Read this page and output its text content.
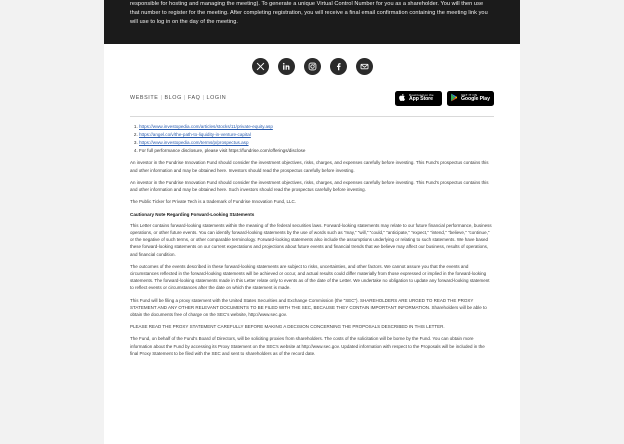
responsible for hosting and managing the meeting). To generate a unique Virtual Control Number for you as a shareholder. You will then use that number to register for the meeting. After completing registration, you will receive a final email confirmation containing the meeting link you will use to log in on the day of the meeting.

WEBSITE | BLOG | FAQ | LOGIN
Download on the
App Store
GET IT ON
Google Play
1. https://www.investopedia.com/articles/stocks/11/private-equity.asp
2. https://angel.co/v/the-path-to-liquidity-in-venture-capital
3. https://www.investopedia.com/terms/p/prospectus.asp
4. For full performance disclosure, please visit https://fundrise.com/offerings/disclose

An investor in the Fundrise Innovation Fund should consider the investment objectives, risks, charges, and expenses carefully before investing. This Fund's prospectus contains this and other information and may be obtained here. Investors should read the prospectus carefully before investing.

An investor in the Fundrise Innovation Fund should consider the investment objectives, risks, charges, and expenses carefully before investing. This Fund's prospectus contains this and other information and may be obtained here. Such investors should read the prospectus carefully before investing.

The Public Ticker for Private Tech is a trademark of Fundrise Innovation Fund, LLC.

Cautionary Note Regarding Forward-Looking Statements

This Letter contains forward-looking statements within the meaning of the federal securities laws. Forward-looking statements may relate to our future financial performance, business operations, or other future events. You can identify forward-looking statements by the use of words such as "may," "will," "could," "anticipate," "expect," "intend," "believe," "continue," or the negative of such terms, or other comparable terminology. Forward-looking statements also include the assumptions underlying or relating to such statements. We have based these forward-looking statements on our current expectations and projections about future events and financial trends that we believe may affect our business, results of operations, and financial condition.

The outcomes of the events described in these forward-looking statements are subject to risks, uncertainties, and other factors. We cannot assure you that the events and circumstances reflected in the forward-looking statements will be achieved or occur, and actual results could differ materially from those expressed or implied in the forward-looking statements. The forward-looking statements made in this Letter relate only to events as of the date of the Letter. We undertake no obligation to update any forward-looking statement to reflect events or circumstances after the date on which the statement is made.

This Fund will be filing a proxy statement with the United States Securities and Exchange Commission (the "SEC"). SHAREHOLDERS ARE URGED TO READ THE PROXY STATEMENT AND ANY OTHER RELEVANT DOCUMENTS TO BE FILED WITH THE SEC, BECAUSE THEY CONTAIN IMPORTANT INFORMATION. Shareholders will be able to obtain the documents free of charge on the SEC's website, http://www.sec.gov.

PLEASE READ THE PROXY STATEMENT CAREFULLY BEFORE MAKING A DECISION CONCERNING THE PROPOSALS DESCRIBED IN THIS LETTER.

The Fund, on behalf of the Fund's Board of Directors, will be soliciting proxies from shareholders. The costs of the solicitation will be borne by the Fund. You can obtain more information about the Fund by accessing its Proxy Statement on the SEC's website at http://www.sec.gov. Updated information with respect to the Proposals will be included in the final Proxy Statement to be filed with the SEC and sent to shareholders as of the record date.
